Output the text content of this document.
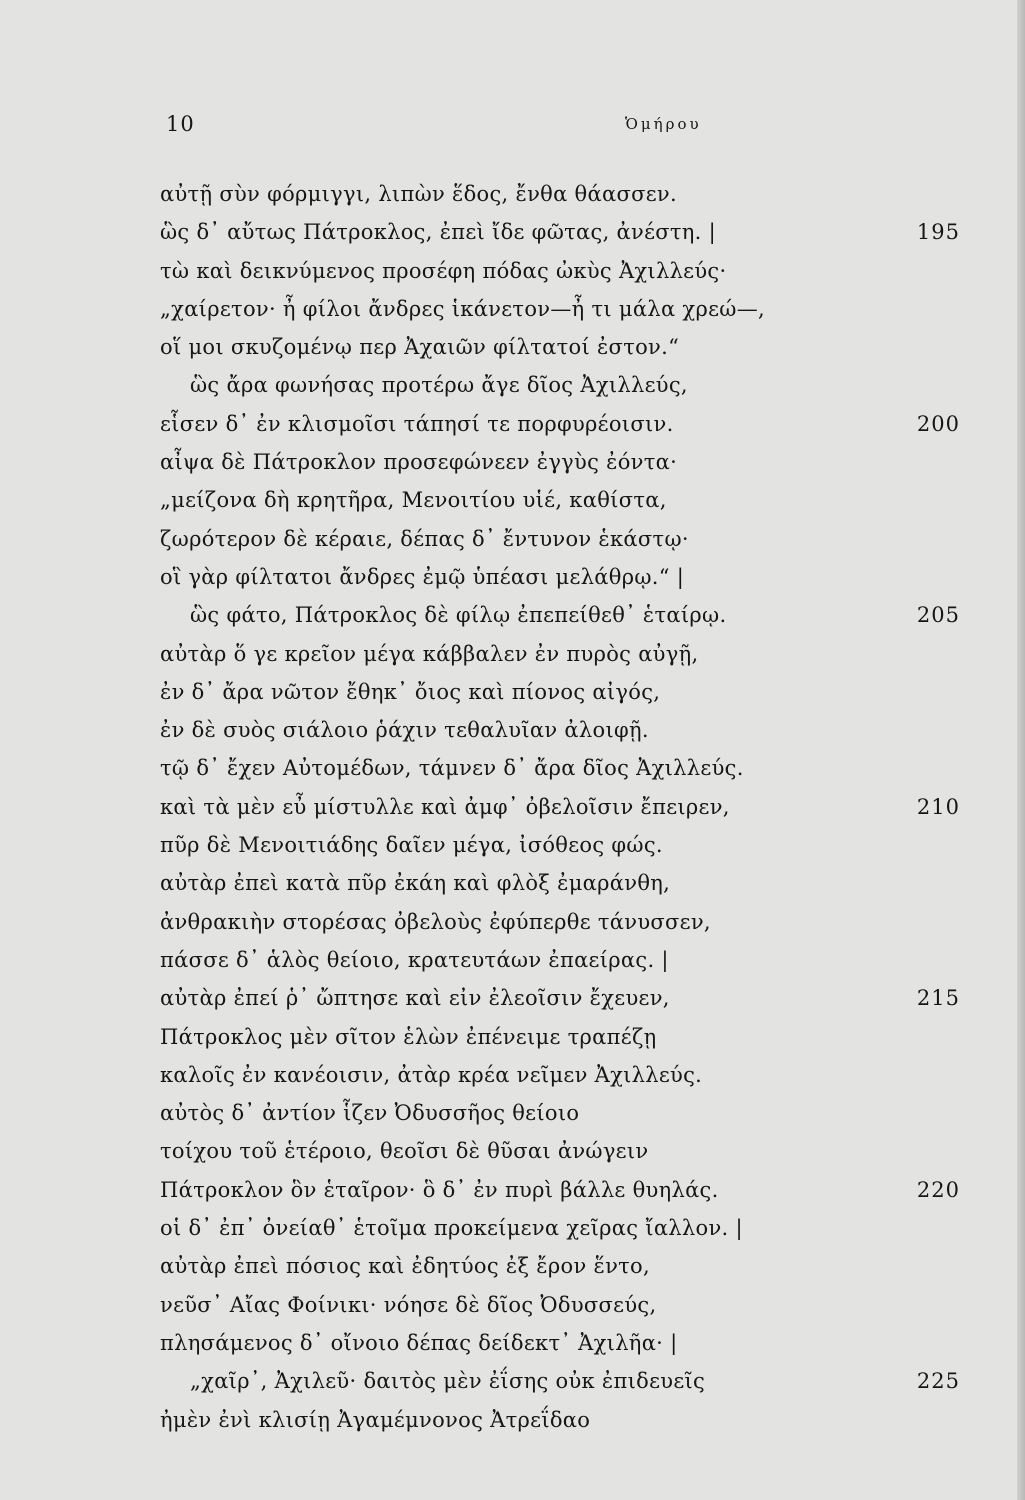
10	Ὁμήρου
αὐτῇ σὺν φόρμιγγι, λιπὼν ἕδος, ἔνθα θάασσεν.
ὣς δ᾽ αὔτως Πάτροκλος, ἐπεὶ ἴδε φῶτας, ἀνέστη. |	195
τὼ καὶ δεικνύμενος προσέφη πόδας ὠκὺς Ἀχιλλεύς·
„χαίρετον· ἦ φίλοι ἄνδρες ἱκάνετον—ἦ τι μάλα χρεώ—,
οἵ μοι σκυζομένῳ περ Ἀχαιῶν φίλτατοί ἐστον.“
ὣς ἄρα φωνήσας προτέρω ἄγε δῖος Ἀχιλλεύς,
εἷσεν δ᾽ ἐν κλισμοῖσι τάπησί τε πορφυρέοισιν.	200
αἶψα δὲ Πάτροκλον προσεφώνεεν ἐγγὺς ἐόντα·
„μείζονα δὴ κρητῆρα, Μενοιτίου υἱέ, καθίστα,
ζωρότερον δὲ κέραιε, δέπας δ᾽ ἔντυνον ἑκάστῳ·
οἳ γὰρ φίλτατοι ἄνδρες ἐμῷ ὑπέασι μελάθρῳ.“ |
ὣς φάτο, Πάτροκλος δὲ φίλῳ ἐπεπείθεθ᾽ ἑταίρῳ.	205
αὐτὰρ ὅ γε κρεῖον μέγα κάββαλεν ἐν πυρὸς αὐγῇ,
ἐν δ᾽ ἄρα νῶτον ἔθηκ᾽ ὄιος καὶ πίονος αἰγός,
ἐν δὲ συὸς σιάλοιο ῥάχιν τεθαλυῖαν ἀλοιφῇ.
τῷ δ᾽ ἔχεν Αὐτομέδων, τάμνεν δ᾽ ἄρα δῖος Ἀχιλλεύς.
καὶ τὰ μὲν εὖ μίστυλλε καὶ ἀμφ᾽ ὀβελοῖσιν ἔπειρεν,	210
πῦρ δὲ Μενοιτιάδης δαῖεν μέγα, ἰσόθεος φώς.
αὐτὰρ ἐπεὶ κατὰ πῦρ ἐκάη καὶ φλὸξ ἐμαράνθη,
ἀνθρακιὴν στορέσας ὀβελοὺς ἐφύπερθε τάνυσσεν,
πάσσε δ᾽ ἁλὸς θείοιο, κρατευτάων ἐπαείρας. |
αὐτὰρ ἐπεί ῥ᾽ ὤπτησε καὶ εἰν ἐλεοῖσιν ἔχευεν,	215
Πάτροκλος μὲν σῖτον ἑλὼν ἐπένειμε τραπέζῃ
καλοῖς ἐν κανέοισιν, ἀτὰρ κρέα νεῖμεν Ἀχιλλεύς.
αὐτὸς δ᾽ ἀντίον ἷζεν Ὀδυσσῆος θείοιο
τοίχου τοῦ ἑτέροιο, θεοῖσι δὲ θῦσαι ἀνώγειν
Πάτροκλον ὃν ἑταῖρον· ὃ δ᾽ ἐν πυρὶ βάλλε θυηλάς.	220
οἱ δ᾽ ἐπ᾽ ὀνείαθ᾽ ἑτοῖμα προκείμενα χεῖρας ἴαλλον. |
αὐτὰρ ἐπεὶ πόσιος καὶ ἐδητύος ἐξ ἔρον ἕντο,
νεῦσ᾽ Αἴας Φοίνικι· νόησε δὲ δῖος Ὀδυσσεύς,
πλησάμενος δ᾽ οἴνοιο δέπας δείδεκτ᾽ Ἀχιλῆα· |
„χαῖρ᾽, Ἀχιλεῦ· δαιτὸς μὲν ἐΐσης οὐκ ἐπιδευεῖς	225
ἠμὲν ἐνὶ κλισίῃ Ἀγαμέμνονος Ἀτρεΐδαο
